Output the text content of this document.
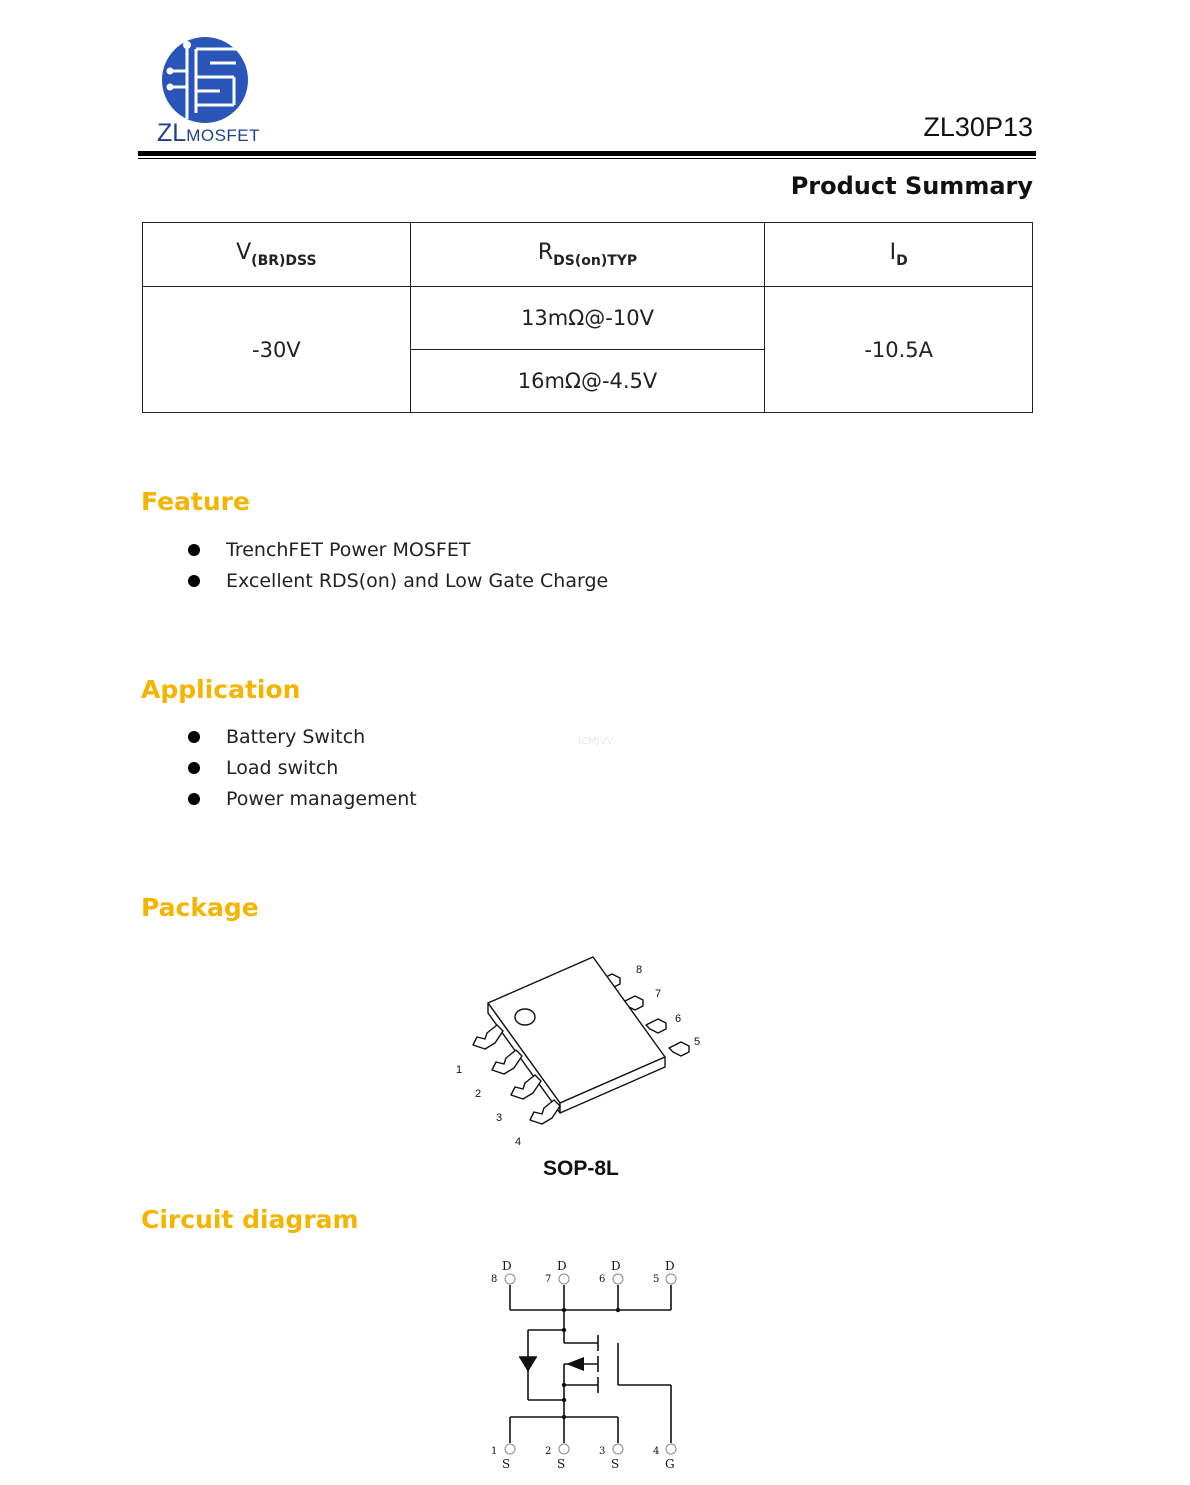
ZLMOSFET	ZL30P13
Product Summary
$V_{(BR)DSS}$	$R_{DS(on)TYP}$	$I_D$
-30V	13mΩ@-10V	-10.5A
	16mΩ@-4.5V	
Feature
TrenchFET Power MOSFET
Excellent RDS(on) and Low Gate Charge
Application
Battery Switch
Load switch
Power management
ICMJVV
Package
1
2
3
4
5
6
7
8
SOP-8L
Circuit diagram
D	D	D	D
8	7	6	5
1	2	3	4
S	S	S	G
